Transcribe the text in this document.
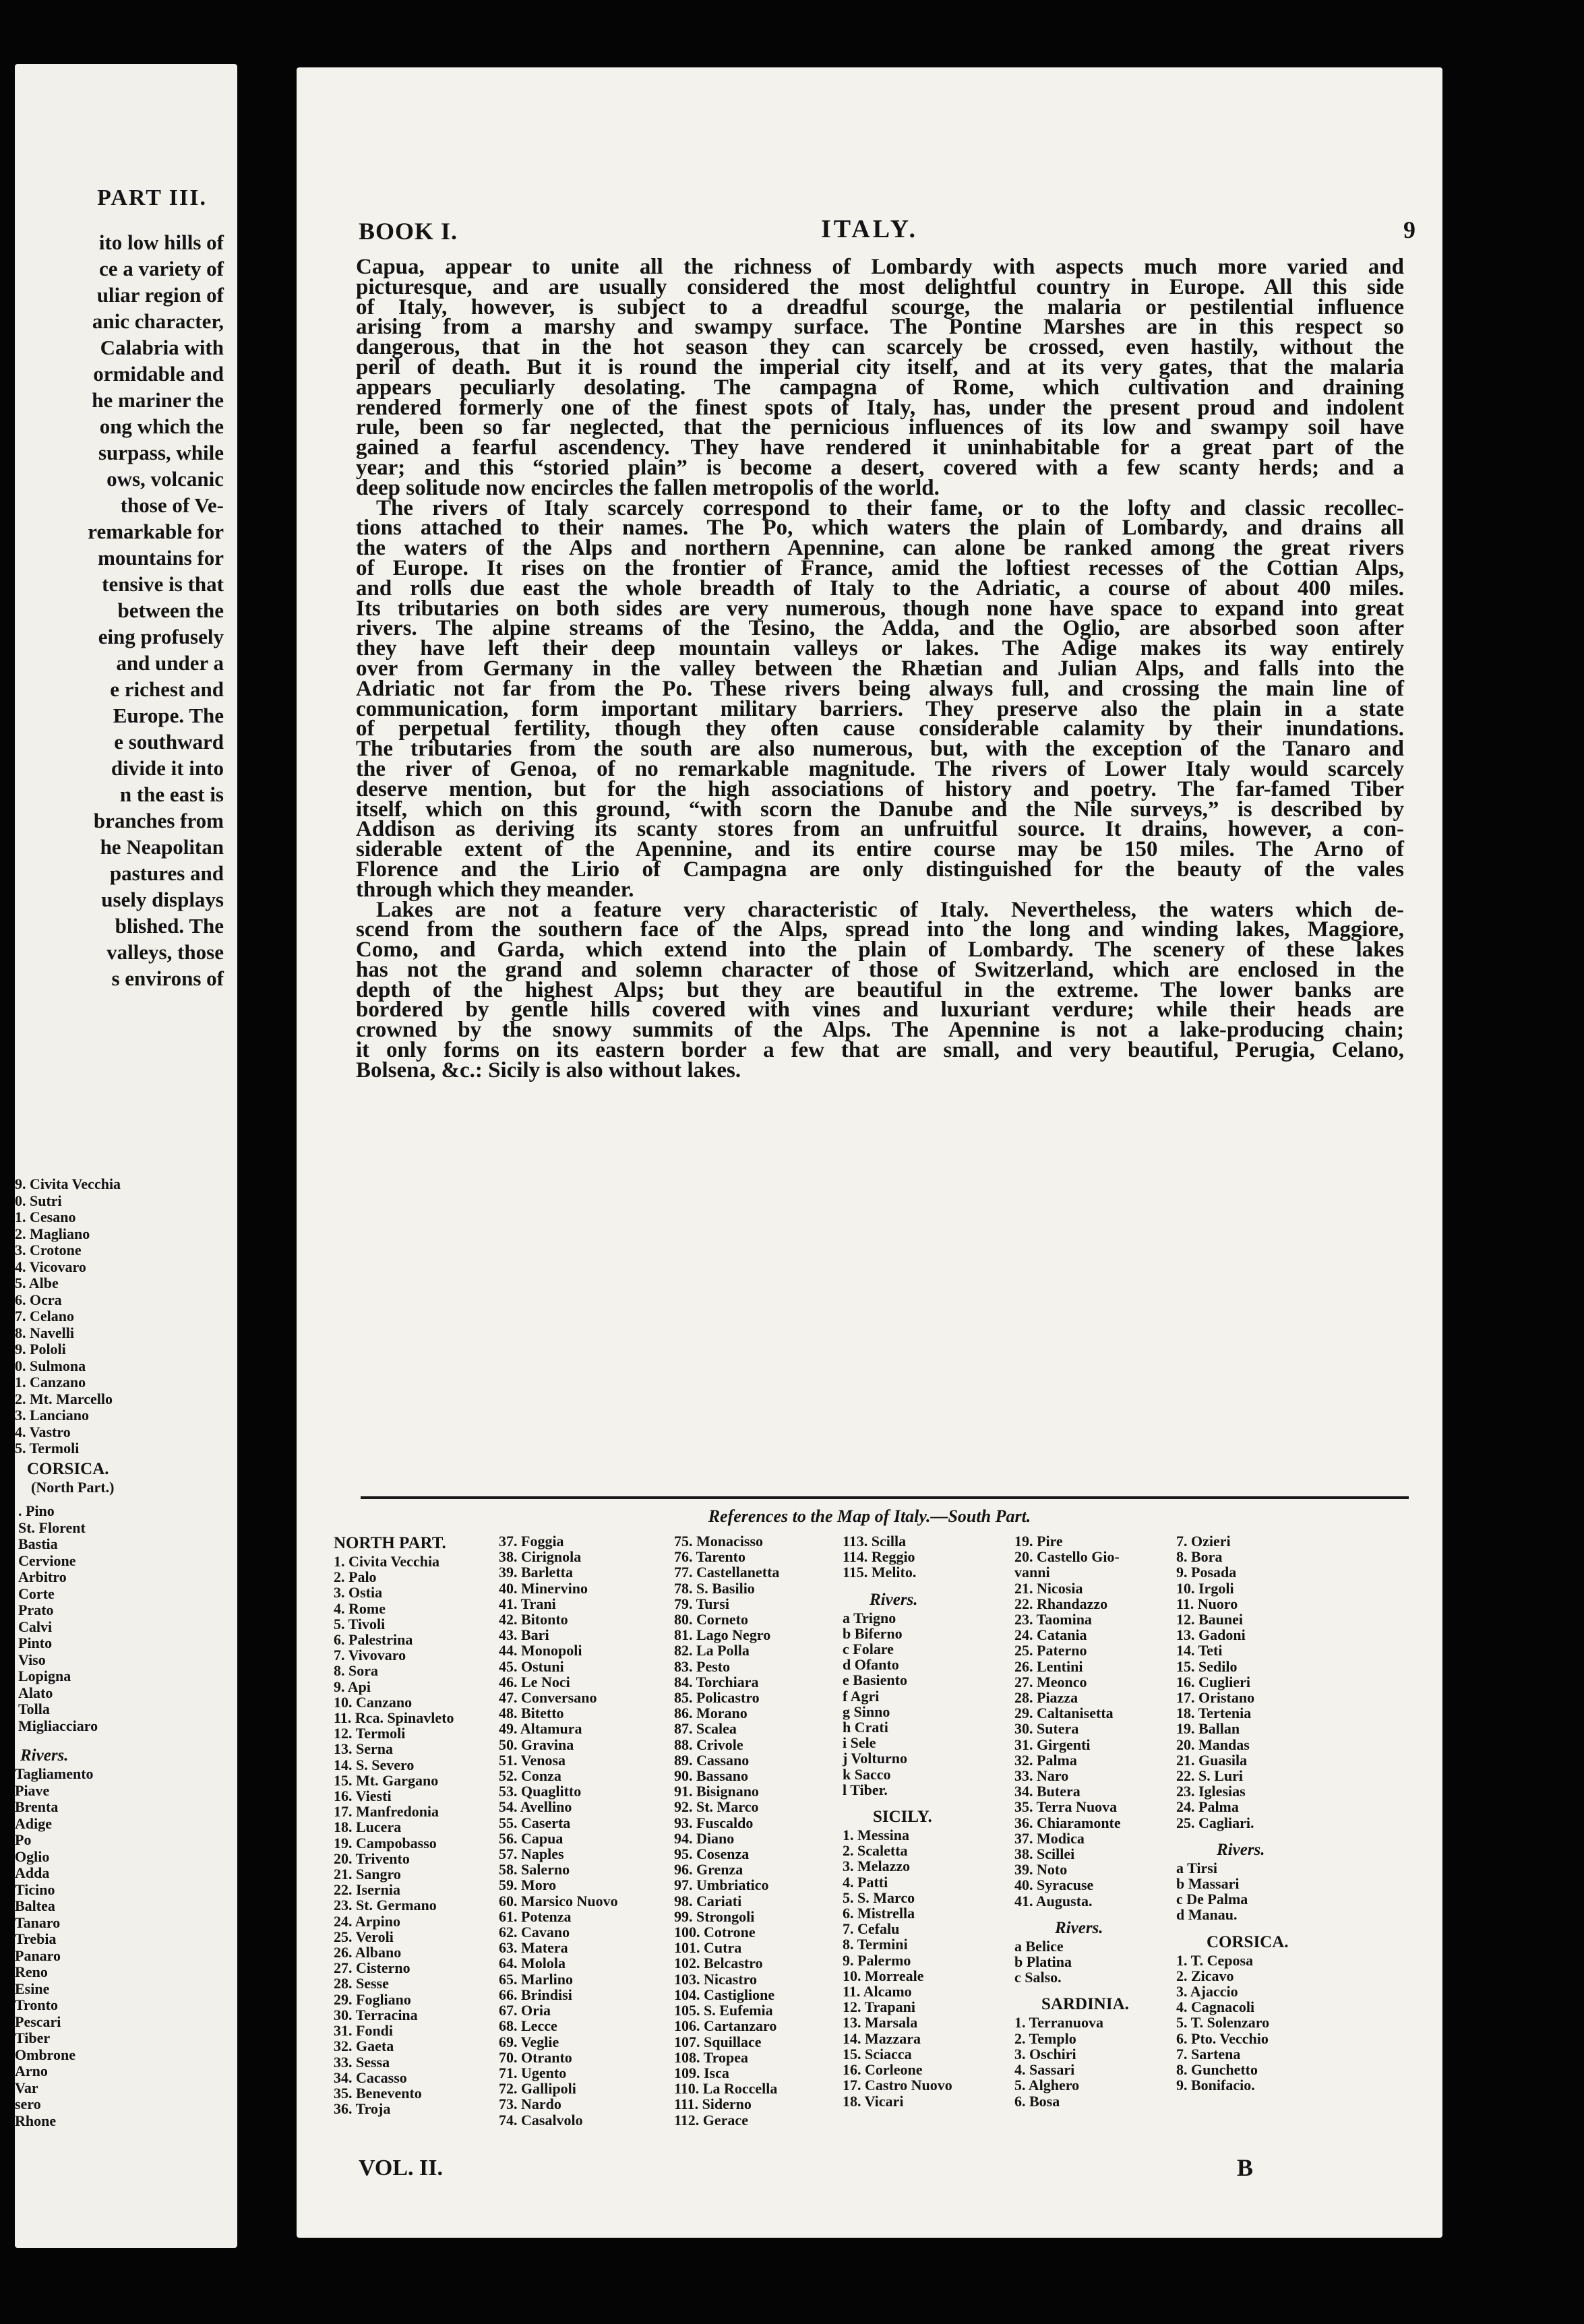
PART III.
ito low hills of
ce a variety of
uliar region of
anic character,
Calabria with
ormidable and
he mariner the
ong which the
surpass, while
ows, volcanic
those of Ve-
remarkable for
mountains for
tensive is that
between the
eing profusely
and under a
e richest and
Europe. The
e southward
divide it into
n the east is
branches from
he Neapolitan
pastures and
usely displays
blished. The
valleys, those
s environs of
9. Civita Vecchia
0. Sutri
1. Cesano
2. Magliano
3. Crotone
4. Vicovaro
5. Albe
6. Ocra
7. Celano
8. Navelli
9. Pololi
0. Sulmona
1. Canzano
2. Mt. Marcello
3. Lanciano
4. Vastro
5. Termoli
CORSICA.
(North Part.)
. Pino
St. Florent
Bastia
Cervione
Arbitro
Corte
Prato
Calvi
Pinto
Viso
Lopigna
Alato
Tolla
Migliacciaro
Rivers.
Tagliamento
Piave
Brenta
Adige
Po
Oglio
Adda
Ticino
Baltea
Tanaro
Trebia
Panaro
Reno
Esine
Tronto
Pescari
Tiber
Ombrone
Arno
Var
sero
Rhone
BOOK I.	ITALY.	9
Capua, appear to unite all the richness of Lombardy with aspects much more varied and
picturesque, and are usually considered the most delightful country in Europe. All this side
of Italy, however, is subject to a dreadful scourge, the malaria or pestilential influence
arising from a marshy and swampy surface. The Pontine Marshes are in this respect so
dangerous, that in the hot season they can scarcely be crossed, even hastily, without the
peril of death. But it is round the imperial city itself, and at its very gates, that the malaria
appears peculiarly desolating. The campagna of Rome, which cultivation and draining
rendered formerly one of the finest spots of Italy, has, under the present proud and indolent
rule, been so far neglected, that the pernicious influences of its low and swampy soil have
gained a fearful ascendency. They have rendered it uninhabitable for a great part of the
year; and this “storied plain” is become a desert, covered with a few scanty herds; and a
deep solitude now encircles the fallen metropolis of the world.
The rivers of Italy scarcely correspond to their fame, or to the lofty and classic recollec-
tions attached to their names. The Po, which waters the plain of Lombardy, and drains all
the waters of the Alps and northern Apennine, can alone be ranked among the great rivers
of Europe. It rises on the frontier of France, amid the loftiest recesses of the Cottian Alps,
and rolls due east the whole breadth of Italy to the Adriatic, a course of about 400 miles.
Its tributaries on both sides are very numerous, though none have space to expand into great
rivers. The alpine streams of the Tesino, the Adda, and the Oglio, are absorbed soon after
they have left their deep mountain valleys or lakes. The Adige makes its way entirely
over from Germany in the valley between the Rhætian and Julian Alps, and falls into the
Adriatic not far from the Po. These rivers being always full, and crossing the main line of
communication, form important military barriers. They preserve also the plain in a state
of perpetual fertility, though they often cause considerable calamity by their inundations.
The tributaries from the south are also numerous, but, with the exception of the Tanaro and
the river of Genoa, of no remarkable magnitude. The rivers of Lower Italy would scarcely
deserve mention, but for the high associations of history and poetry. The far-famed Tiber
itself, which on this ground, “with scorn the Danube and the Nile surveys,” is described by
Addison as deriving its scanty stores from an unfruitful source. It drains, however, a con-
siderable extent of the Apennine, and its entire course may be 150 miles. The Arno of
Florence and the Lirio of Campagna are only distinguished for the beauty of the vales
through which they meander.
Lakes are not a feature very characteristic of Italy. Nevertheless, the waters which de-
scend from the southern face of the Alps, spread into the long and winding lakes, Maggiore,
Como, and Garda, which extend into the plain of Lombardy. The scenery of these lakes
has not the grand and solemn character of those of Switzerland, which are enclosed in the
depth of the highest Alps; but they are beautiful in the extreme. The lower banks are
bordered by gentle hills covered with vines and luxuriant verdure; while their heads are
crowned by the snowy summits of the Alps. The Apennine is not a lake-producing chain;
it only forms on its eastern border a few that are small, and very beautiful, Perugia, Celano,
Bolsena, &c.: Sicily is also without lakes.
References to the Map of Italy.—South Part.
NORTH PART.
1. Civita Vecchia
2. Palo
3. Ostia
4. Rome
5. Tivoli
6. Palestrina
7. Vivovaro
8. Sora
9. Api
10. Canzano
11. Rca. Spinavleto
12. Termoli
13. Serna
14. S. Severo
15. Mt. Gargano
16. Viesti
17. Manfredonia
18. Lucera
19. Campobasso
20. Trivento
21. Sangro
22. Isernia
23. St. Germano
24. Arpino
25. Veroli
26. Albano
27. Cisterno
28. Sesse
29. Fogliano
30. Terracina
31. Fondi
32. Gaeta
33. Sessa
34. Cacasso
35. Benevento
36. Troja
37. Foggia
38. Cirignola
39. Barletta
40. Minervino
41. Trani
42. Bitonto
43. Bari
44. Monopoli
45. Ostuni
46. Le Noci
47. Conversano
48. Bitetto
49. Altamura
50. Gravina
51. Venosa
52. Conza
53. Quaglitto
54. Avellino
55. Caserta
56. Capua
57. Naples
58. Salerno
59. Moro
60. Marsico Nuovo
61. Potenza
62. Cavano
63. Matera
64. Molola
65. Marlino
66. Brindisi
67. Oria
68. Lecce
69. Veglie
70. Otranto
71. Ugento
72. Gallipoli
73. Nardo
74. Casalvolo
75. Monacisso
76. Tarento
77. Castellanetta
78. S. Basilio
79. Tursi
80. Corneto
81. Lago Negro
82. La Polla
83. Pesto
84. Torchiara
85. Policastro
86. Morano
87. Scalea
88. Crivole
89. Cassano
90. Bassano
91. Bisignano
92. St. Marco
93. Fuscaldo
94. Diano
95. Cosenza
96. Grenza
97. Umbriatico
98. Cariati
99. Strongoli
100. Cotrone
101. Cutra
102. Belcastro
103. Nicastro
104. Castiglione
105. S. Eufemia
106. Cartanzaro
107. Squillace
108. Tropea
109. Isca
110. La Roccella
111. Siderno
112. Gerace
113. Scilla
114. Reggio
115. Melito.
Rivers.
a Trigno
b Biferno
c Folare
d Ofanto
e Basiento
f Agri
g Sinno
h Crati
i Sele
j Volturno
k Sacco
l Tiber.
SICILY.
1. Messina
2. Scaletta
3. Melazzo
4. Patti
5. S. Marco
6. Mistrella
7. Cefalu
8. Termini
9. Palermo
10. Morreale
11. Alcamo
12. Trapani
13. Marsala
14. Mazzara
15. Sciacca
16. Corleone
17. Castro Nuovo
18. Vicari
19. Pire
20. Castello Gio-
vanni
21. Nicosia
22. Rhandazzo
23. Taomina
24. Catania
25. Paterno
26. Lentini
27. Meonco
28. Piazza
29. Caltanisetta
30. Sutera
31. Girgenti
32. Palma
33. Naro
34. Butera
35. Terra Nuova
36. Chiaramonte
37. Modica
38. Scillei
39. Noto
40. Syracuse
41. Augusta.
Rivers.
a Belice
b Platina
c Salso.
SARDINIA.
1. Terranuova
2. Templo
3. Oschiri
4. Sassari
5. Alghero
6. Bosa
7. Ozieri
8. Bora
9. Posada
10. Irgoli
11. Nuoro
12. Baunei
13. Gadoni
14. Teti
15. Sedilo
16. Cuglieri
17. Oristano
18. Tertenia
19. Ballan
20. Mandas
21. Guasila
22. S. Luri
23. Iglesias
24. Palma
25. Cagliari.
Rivers.
a Tirsi
b Massari
c De Palma
d Manau.
CORSICA.
1. T. Ceposa
2. Zicavo
3. Ajaccio
4. Cagnacoli
5. T. Solenzaro
6. Pto. Vecchio
7. Sartena
8. Gunchetto
9. Bonifacio.
VOL. II.	B
